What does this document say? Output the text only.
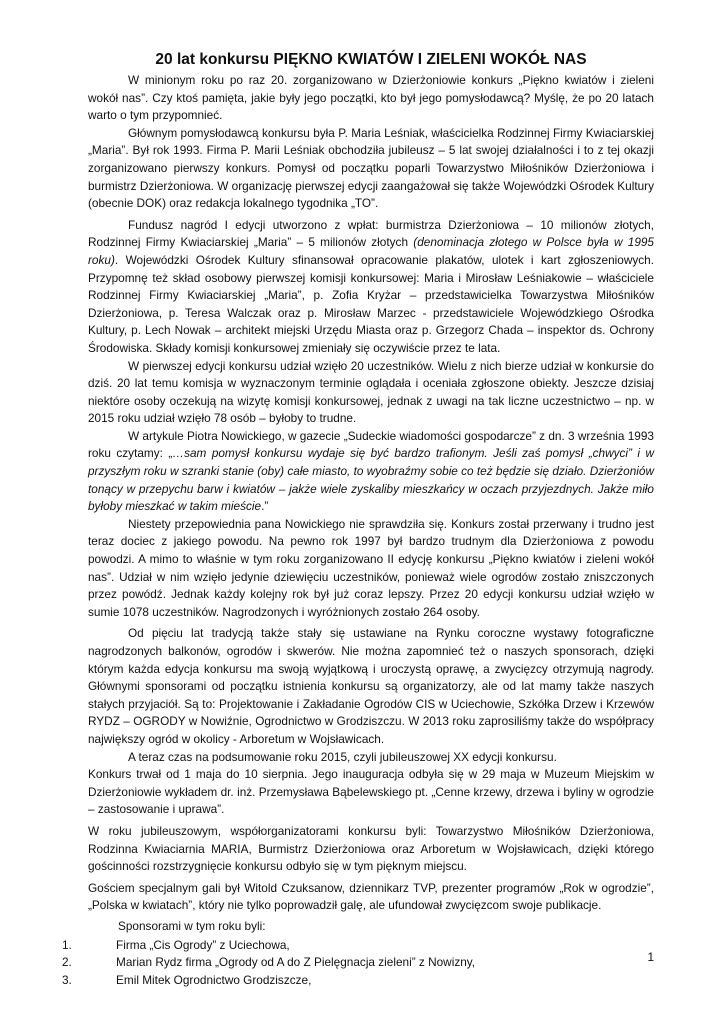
20 lat konkursu PIĘKNO KWIATÓW I ZIELENI WOKÓŁ NAS

W minionym roku po raz 20. zorganizowano w Dzierżoniowie konkurs „Piękno kwiatów i zieleni wokół nas”. Czy ktoś pamięta, jakie były jego początki, kto był jego pomysłodawcą? Myślę, że po 20 latach warto o tym przypomnieć.

Głównym pomysłodawcą konkursu była P. Maria Leśniak, właścicielka Rodzinnej Firmy Kwiaciarskiej „Maria”. Był rok 1993. Firma P. Marii Leśniak obchodziła jubileusz – 5 lat swojej działalności i to z tej okazji zorganizowano pierwszy konkurs. Pomysł od początku poparli Towarzystwo Miłośników Dzierżoniowa i burmistrz Dzierżoniowa. W organizację pierwszej edycji zaangażował się także Wojewódzki Ośrodek Kultury (obecnie DOK) oraz redakcja lokalnego tygodnika „TO”.

Fundusz nagród I edycji utworzono z wpłat: burmistrza Dzierżoniowa – 10 milionów złotych, Rodzinnej Firmy Kwiaciarskiej „Maria” – 5 milionów złotych (denominacja złotego w Polsce była w 1995 roku). Wojewódzki Ośrodek Kultury sfinansował opracowanie plakatów, ulotek i kart zgłoszeniowych. Przypomnę też skład osobowy pierwszej komisji konkursowej: Maria i Mirosław Leśniakowie – właściciele Rodzinnej Firmy Kwiaciarskiej „Maria”, p. Zofia Kryżar – przedstawicielka Towarzystwa Miłośników Dzierżoniowa, p. Teresa Walczak oraz p. Mirosław Marzec - przedstawiciele Wojewódzkiego Ośrodka Kultury, p. Lech Nowak – architekt miejski Urzędu Miasta oraz p. Grzegorz Chada – inspektor ds. Ochrony Środowiska. Składy komisji konkursowej zmieniały się oczywiście przez te lata.

W pierwszej edycji konkursu udział wzięło 20 uczestników. Wielu z nich bierze udział w konkursie do dziś. 20 lat temu komisja w wyznaczonym terminie oglądała i oceniała zgłoszone obiekty. Jeszcze dzisiaj niektóre osoby oczekują na wizytę komisji konkursowej, jednak z uwagi na tak liczne uczestnictwo – np. w 2015 roku udział wzięło 78 osób – byłoby to trudne.

W artykule Piotra Nowickiego, w gazecie „Sudeckie wiadomości gospodarcze” z dn. 3 września 1993 roku czytamy: „…sam pomysł konkursu wydaje się być bardzo trafionym. Jeśli zaś pomysł „chwyci” i w przyszłym roku w szranki stanie (oby) całe miasto, to wyobraźmy sobie co też będzie się działo. Dzierżoniów tonący w przepychu barw i kwiatów – jakże wiele zyskaliby mieszkańcy w oczach przyjezdnych. Jakże miło byłoby mieszkać w takim mieście.”

Niestety przepowiednia pana Nowickiego nie sprawdziła się. Konkurs został przerwany i trudno jest teraz dociec z jakiego powodu. Na pewno rok 1997 był bardzo trudnym dla Dzierżoniowa z powodu powodzi. A mimo to właśnie w tym roku zorganizowano II edycję konkursu „Piękno kwiatów i zieleni wokół nas”. Udział w nim wzięło jedynie dziewięciu uczestników, ponieważ wiele ogrodów zostało zniszczonych przez powódź. Jednak każdy kolejny rok był już coraz lepszy. Przez 20 edycji konkursu udział wzięło w sumie 1078 uczestników. Nagrodzonych i wyróżnionych zostało 264 osoby.

Od pięciu lat tradycją także stały się ustawiane na Rynku coroczne wystawy fotograficzne nagrodzonych balkonów, ogrodów i skwerów. Nie można zapomnieć też o naszych sponsorach, dzięki którym każda edycja konkursu ma swoją wyjątkową i uroczystą oprawę, a zwycięzcy otrzymują nagrody. Głównymi sponsorami od początku istnienia konkursu są organizatorzy, ale od lat mamy także naszych stałych przyjaciół. Są to: Projektowanie i Zakładanie Ogrodów CIS w Uciechowie, Szkółka Drzew i Krzewów RYDZ – OGRODY w Nowiźnie, Ogrodnictwo w Grodziszczu. W 2013 roku zaprosiliśmy także do współpracy największy ogród w okolicy - Arboretum w Wojsławicach.

A teraz czas na podsumowanie roku 2015, czyli jubileuszowej XX edycji konkursu.

Konkurs trwał od 1 maja do 10 sierpnia. Jego inauguracja odbyła się w 29 maja w Muzeum Miejskim w Dzierżoniowie wykładem dr. inż. Przemysława Bąbelewskiego pt. „Cenne krzewy, drzewa i byliny w ogrodzie – zastosowanie i uprawa”.

W roku jubileuszowym, współorganizatorami konkursu byli: Towarzystwo Miłośników Dzierżoniowa, Rodzinna Kwiaciarnia MARIA, Burmistrz Dzierżoniowa oraz Arboretum w Wojsławicach, dzięki którego gościnności rozstrzygnięcie konkursu odbyło się w tym pięknym miejscu.

Gościem specjalnym gali był Witold Czuksanow, dziennikarz TVP, prezenter programów „Rok w ogrodzie”, „Polska w kwiatach”, który nie tylko poprowadził galę, ale ufundował zwycięzcom swoje publikacje.

Sponsorami w tym roku byli:

1.	Firma „Cis Ogrody” z Uciechowa,
2.	Marian Rydz firma „Ogrody od A do Z Pielęgnacja zieleni” z Nowizny,
3.	Emil Mitek Ogrodnictwo Grodziszcze,
1
